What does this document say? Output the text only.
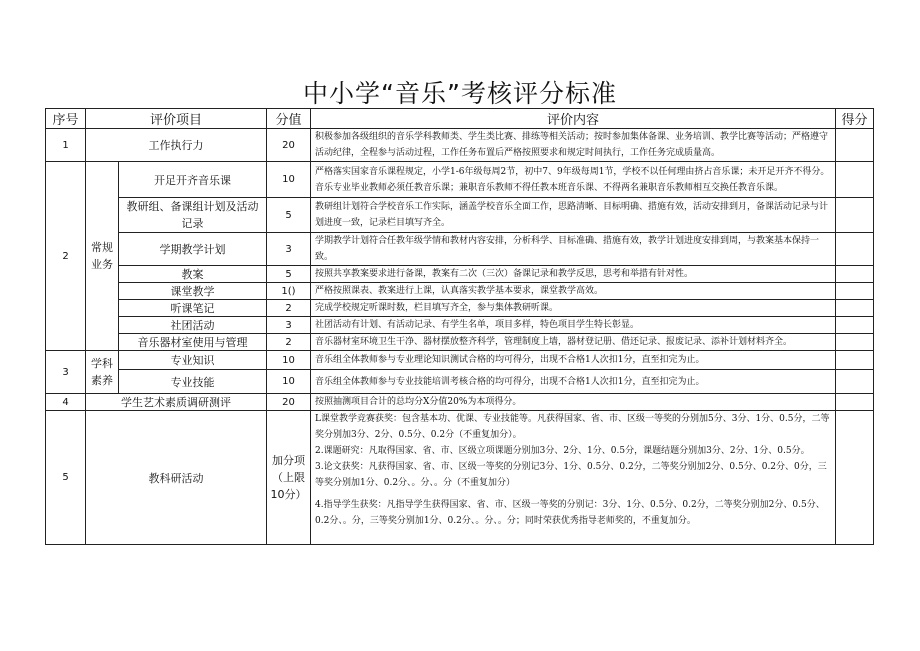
中小学“音乐”考核评分标准
序号	评价项目		分值	评价内容	得分
1	工作执行力		20	积极参加各级组织的音乐学科教师类、学生类比赛、排练等相关活动；按时参加集体备课、业务培训、教学比赛等活动；严格遵守活动纪律，全程参与活动过程，工作任务布置后严格按照要求和规定时间执行，工作任务完成质量高。	
2	常规业务	开足开齐音乐课	10	严格落实国家音乐课程规定，小学1-6年级每周2节，初中7、9年级每周1节，学校不以任何理由挤占音乐课；未开足开齐不得分。音乐专业毕业教师必须任教音乐课；兼职音乐教师不得任教本班音乐课、不得两名兼职音乐教师相互交换任教音乐课。	
		教研组、备课组计划及活动记录	5	教研组计划符合学校音乐工作实际，涵盖学校音乐全面工作，思路清晰、目标明确、措施有效，活动安排到月，备课活动记录与计划进度一致，记录栏目填写齐全。	
		学期教学计划	3	学期教学计划符合任教年级学情和教材内容安排，分析科学、目标准确、措施有效，教学计划进度安排到周，与教案基本保持一致。	
		教案	5	按照共享教案要求进行备课，教案有二次（三次）备课记录和教学反思，思考和举措有针对性。	
		课堂教学	1()	严格按照课表、教案进行上课，认真落实教学基本要求，课堂教学高效。	
		听课笔记	2	完成学校规定听课时数，栏目填写齐全，参与集体教研听课。	
		社团活动	3	社团活动有计划、有活动记录、有学生名单，项目多样，特色项目学生特长彰显。	
		音乐器材室使用与管理	2	音乐器材室环境卫生干净、器材摆放整齐科学，管理制度上墙，器材登记册、借还记录、报废记录、添补计划材料齐全。	
3	学科素养	专业知识	10	音乐组全体教师参与专业理论知识测试合格的均可得分，出现不合格1人次扣1分，直至扣完为止。	
		专业技能	10	音乐组全体教师参与专业技能培训考核合格的均可得分，出现不合格1人次扣1分，直至扣完为止。	
4	学生艺术素质调研测评		20	按照抽测项目合计的总均分X分值20%为本项得分。	
5	教科研活动		加分项（上限10分）	L课堂教学竞赛获奖：包含基本功、优课、专业技能等。凡获得国家、省、市、区级一等奖的分别加5分、3分、1分、0.5分，二等奖分别加3分、2分、0.5分、0.2分（不重复加分）。

2.课题研究：凡取得国家、省、市、区级立项课题分别加3分、2分、1分、0.5分，课题结题分别加3分、2分、1分、0.5分。

3.论文获奖：凡获得国家、省、市、区级一等奖的分别记3分、1分、0.5分、0.2分，二等奖分别加2分、0.5分、0.2分、0分，三等奖分别加1分、0.2分、。分、。分（不重复加分）

4.指导学生获奖：凡指导学生获得国家、省、市、区级一等奖的分别记：3分、1分、0.5分、0.2分，二等奖分别加2分、0.5分、0.2分、。分，三等奖分别加1分、0.2分、。分、。分；同时荣获优秀指导老师奖的，不重复加分。	
